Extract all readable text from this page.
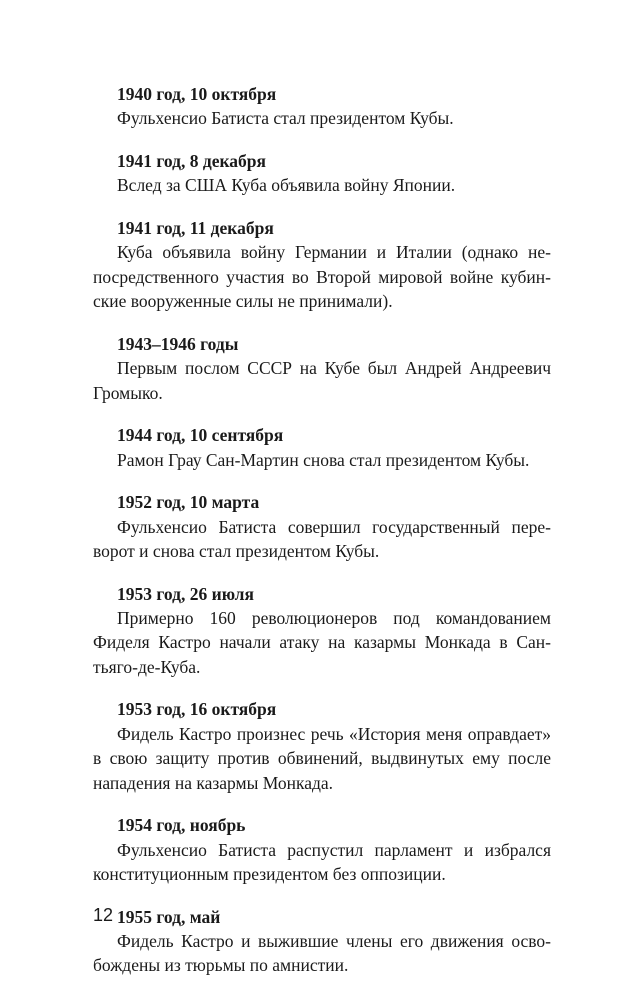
1940 год, 10 октября
Фульхенсио Батиста стал президентом Кубы.
1941 год, 8 декабря
Вслед за США Куба объявила войну Японии.
1941 год, 11 декабря
Куба объявила войну Германии и Италии (однако непосредственного участия во Второй мировой войне кубинские вооруженные силы не принимали).
1943–1946 годы
Первым послом СССР на Кубе был Андрей Андреевич Громыко.
1944 год, 10 сентября
Рамон Грау Сан-Мартин снова стал президентом Кубы.
1952 год, 10 марта
Фульхенсио Батиста совершил государственный переворот и снова стал президентом Кубы.
1953 год, 26 июля
Примерно 160 революционеров под командованием Фиделя Кастро начали атаку на казармы Монкада в Сантьяго-де-Куба.
1953 год, 16 октября
Фидель Кастро произнес речь «История меня оправдает» в свою защиту против обвинений, выдвинутых ему после нападения на казармы Монкада.
1954 год, ноябрь
Фульхенсио Батиста распустил парламент и избрался конституционным президентом без оппозиции.
1955 год, май
Фидель Кастро и выжившие члены его движения освобождены из тюрьмы по амнистии.
12
